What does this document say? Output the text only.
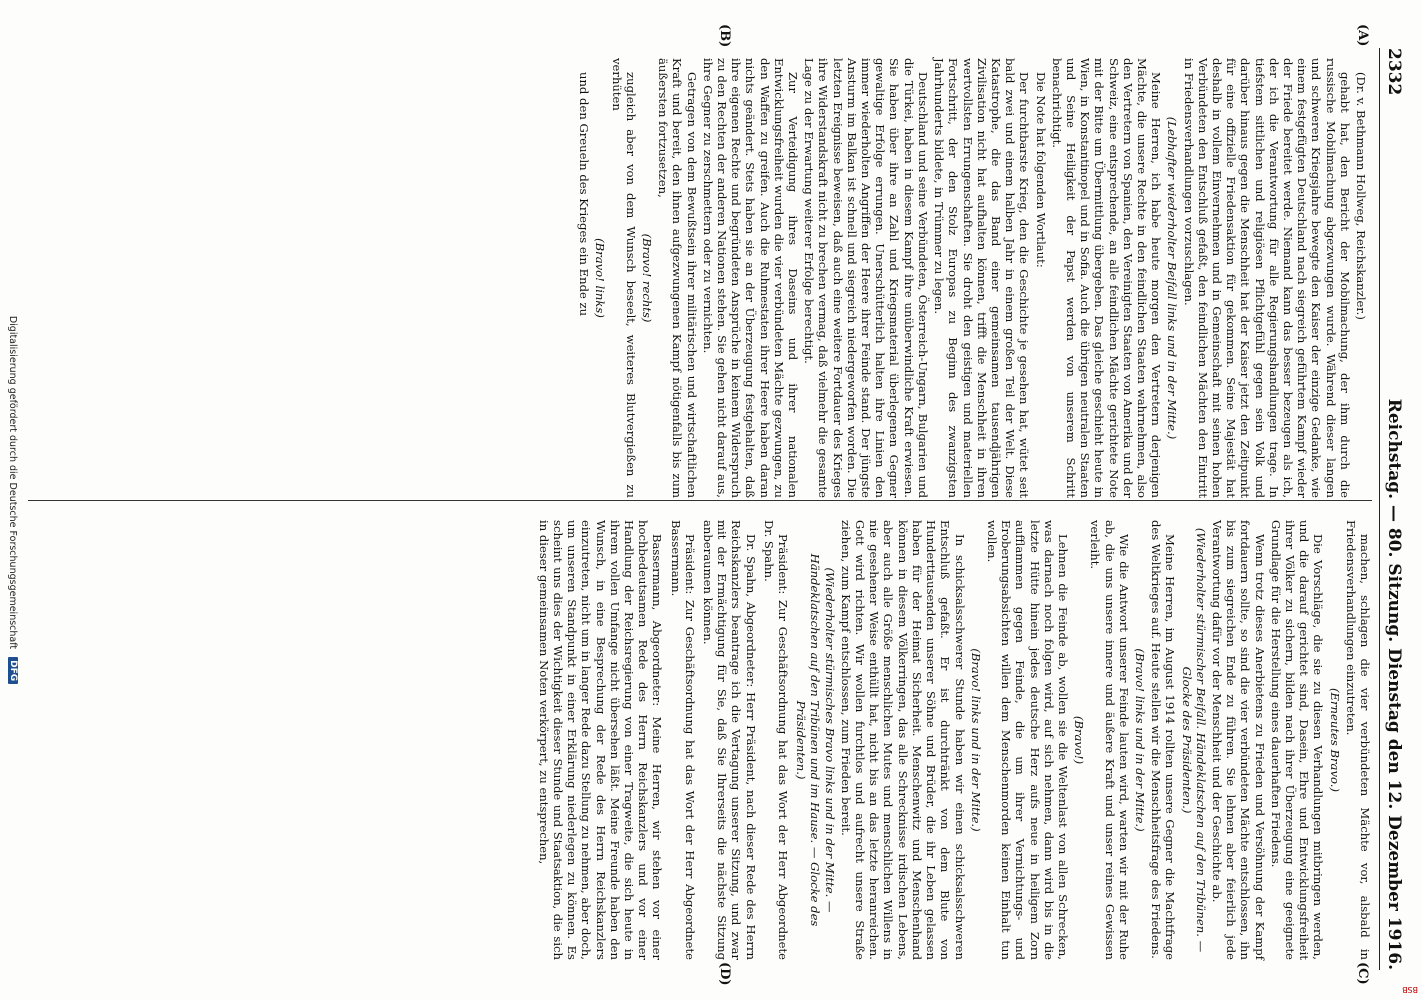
BSB
2332
Reichstag. — 80. Sitzung. Dienstag den 12. Dezember 1916.
(A)
(B)
(C)
(D)

(Dr. v. Bethmann Hollweg, Reichskanzler.)

gehabt hat, den Bericht der Mobilmachung, der ihm durch die russische Mobilmachung abgezwungen wurde. Während dieser langen und schweren Kriegsjahre bewegte den Kaiser der einzige Gedanke, wie einem festgefügten Deutschland nach siegreich geführtem Kampf wieder der Friede bereitet werde. Niemand kann das besser bezeugen als ich, der ich die Verantwortung für alle Regierungshandlungen trage. In tiefstem sittlichen und religiösen Pflichtgefühl gegen sein Volk und darüber hinaus gegen die Menschheit hat der Kaiser jetzt den Zeitpunkt für eine offizielle Friedensaktion für gekommen. Seine Majestät hat deshalb in vollem Einvernehmen und in Gemeinschaft mit seinen hohen Verbündeten den Entschluß gefaßt, den feindlichen Mächten den Eintritt in Friedensverhandlungen vorzuschlagen.

(Lebhafter wiederholter Beifall links und in der Mitte.)

Meine Herren, ich habe heute morgen den Vertretern derjenigen Mächte, die unsere Rechte in den feindlichen Staaten wahrnehmen, also den Vertretern von Spanien, den Vereinigten Staaten von Amerika und der Schweiz, eine entsprechende, an alle feindlichen Mächte gerichtete Note mit der Bitte um Übermittlung übergeben. Das gleiche geschieht heute in Wien, in Konstantinopel und in Sofia. Auch die übrigen neutralen Staaten und Seine Heiligkeit der Papst werden von unserem Schritt benachrichtigt.

Die Note hat folgenden Wortlaut:

Der furchtbarste Krieg, den die Geschichte je gesehen hat, wütet seit bald zwei und einem halben Jahr in einem großen Teil der Welt. Diese Katastrophe, die das Band einer gemeinsamen tausendjährigen Zivilisation nicht hat aufhalten können, trifft die Menschheit in ihren wertvollsten Errungenschaften. Sie droht den geistigen und materiellen Fortschritt, der den Stolz Europas zu Beginn des zwanzigsten Jahrhunderts bildete, in Trümmer zu legen.

Deutschland und seine Verbündeten, Österreich-Ungarn, Bulgarien und die Türkei, haben in diesem Kampf ihre unüberwindliche Kraft erwiesen. Sie haben über ihre an Zahl und Kriegsmaterial überlegenen Gegner gewaltige Erfolge errungen. Unerschütterlich halten ihre Linien den immer wiederholten Angriffen der Heere ihrer Feinde stand. Der jüngste Ansturm im Balkan ist schnell und siegreich niedergeworfen worden. Die letzten Ereignisse beweisen, daß auch eine weitere Fortdauer des Krieges ihre Widerstandskraft nicht zu brechen vermag, daß vielmehr die gesamte Lage zu der Erwartung weiterer Erfolge berechtigt.

Zur Verteidigung ihres Daseins und ihrer nationalen Entwicklungsfreiheit wurden die vier verbündeten Mächte gezwungen, zu den Waffen zu greifen. Auch die Ruhmestaten ihrer Heere haben daran nichts geändert. Stets haben sie an der Überzeugung festgehalten, daß ihre eigenen Rechte und begründeten Ansprüche in keinem Widerspruch zu den Rechten der anderen Nationen stehen. Sie gehen nicht darauf aus, ihre Gegner zu zerschmettern oder zu vernichten.

Getragen von dem Bewußtsein ihrer militärischen und wirtschaftlichen Kraft und bereit, den ihnen aufgezwungenen Kampf nötigenfalls bis zum äußersten fortzusetzen,

(Bravo! rechts)

zugleich aber von dem Wunsch beseelt, weiteres Blutvergießen zu verhüten

(Bravo! links)

und den Greueln des Krieges ein Ende zu

machen, schlagen die vier verbündeten Mächte vor, alsbald in Friedensverhandlungen einzutreten.

(Erneutes Bravo.)

Die Vorschläge, die sie zu diesen Verhandlungen mitbringen werden, und die darauf gerichtet sind, Dasein, Ehre und Entwicklungsfreiheit ihrer Völker zu sichern, bilden nach ihrer Überzeugung eine geeignete Grundlage für die Herstellung eines dauerhaften Friedens.

Wenn trotz dieses Anerbietens zu Frieden und Versöhnung der Kampf fortdauern sollte, so sind die vier verbündeten Mächte entschlossen, ihn bis zum siegreichen Ende zu führen. Sie lehnen aber feierlich jede Verantwortung dafür vor der Menschheit und der Geschichte ab.

(Wiederholter stürmischer Beifall. Händeklatschen auf den Tribünen. — Glocke des Präsidenten.)

Meine Herren, im August 1914 rollten unsere Gegner die Machtfrage des Weltkrieges auf. Heute stellen wir die Menschheitsfrage des Friedens.

(Bravo! links und in der Mitte.)

Wie die Antwort unserer Feinde lauten wird, warten wir mit der Ruhe ab, die uns unsere innere und äußere Kraft und unser reines Gewissen verleiht.

(Bravo!)

Lehnen die Feinde ab, wollen sie die Weltenlast von allen Schrecken, was darnach noch folgen wird, auf sich nehmen, dann wird bis in die letzte Hütte hinein jedes deutsche Herz aufs neue in heiligem Zorn aufflammen gegen Feinde, die um ihrer Vernichtungs- und Eroberungsabsichten willen dem Menschenmorden keinen Einhalt tun wollen.

(Bravo! links und in der Mitte.)

In schicksalsschwerer Stunde haben wir einen schicksalsschweren Entschluß gefaßt. Er ist durchtränkt von dem Blute von Hunderttausenden unserer Söhne und Brüder, die ihr Leben gelassen haben für der Heimat Sicherheit. Menschenwitz und Menschenhand können in diesem Völkerringen, das alle Schrecknisse irdischen Lebens, aber auch alle Größe menschlichen Mutes und menschlichen Willens in nie gesehener Weise enthüllt hat, nicht bis an das letzte heranreichen. Gott wird richten. Wir wollen furchtlos und aufrecht unsere Straße ziehen, zum Kampf entschlossen, zum Frieden bereit.

(Wiederholter stürmisches Bravo links und in der Mitte. — Händeklatschen auf den Tribünen und im Hause. — Glocke des Präsidenten.)

Präsident: Zur Geschäftsordnung hat das Wort der Herr Abgeordnete Dr. Spahn.

Dr. Spahn, Abgeordneter: Herr Präsident, nach dieser Rede des Herrn Reichskanzlers beantrage ich die Vertagung unserer Sitzung, und zwar mit der Ermächtigung für Sie, daß Sie Ihrerseits die nächste Sitzung anberaumen können.

Präsident: Zur Geschäftsordnung hat das Wort der Herr Abgeordnete Bassermann.

Bassermann, Abgeordneter: Meine Herren, wir stehen vor einer hochbedeutsamen Rede des Herrn Reichskanzlers und vor einer Handlung der Reichsregierung von einer Tragweite, die sich heute in ihrem vollen Umfange nicht übersehen läßt. Meine Freunde haben den Wunsch, in eine Besprechung der Rede des Herrn Reichskanzlers einzutreten, nicht um in langer Rede dazu Stellung zu nehmen, aber doch, um unseren Standpunkt in einer Erklärung niederlegen zu können. Es scheint uns dies der Wichtigkeit dieser Stunde und Staatsaktion, die sich in dieser gemeinsamen Noten verkörpert, zu entsprechen,

Digitalisierung gefördert durch die Deutsche Forschungsgemeinschaft
DFG
